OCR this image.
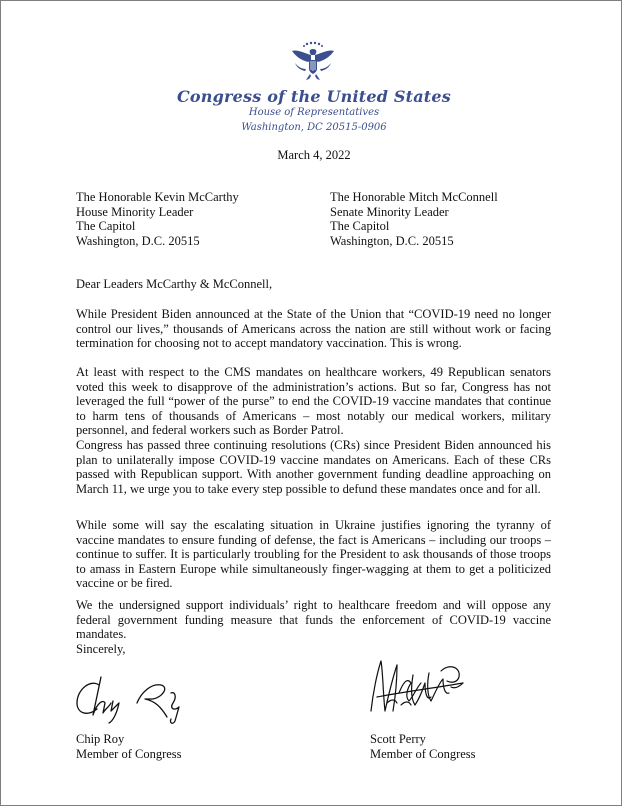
Congress of the United States
House of Representatives
Washington, DC 20515-0906
March 4, 2022
The Honorable Kevin McCarthy
House Minority Leader
The Capitol
Washington, D.C. 20515
The Honorable Mitch McConnell
Senate Minority Leader
The Capitol
Washington, D.C. 20515

Dear Leaders McCarthy & McConnell,

While President Biden announced at the State of the Union that “COVID-19 need no longer control our lives,” thousands of Americans across the nation are still without work or facing termination for choosing not to accept mandatory vaccination. This is wrong.

At least with respect to the CMS mandates on healthcare workers, 49 Republican senators voted this week to disapprove of the administration’s actions. But so far, Congress has not leveraged the full “power of the purse” to end the COVID-19 vaccine mandates that continue to harm tens of thousands of Americans – most notably our medical workers, military personnel, and federal workers such as Border Patrol.

Congress has passed three continuing resolutions (CRs) since President Biden announced his plan to unilaterally impose COVID-19 vaccine mandates on Americans. Each of these CRs passed with Republican support. With another government funding deadline approaching on March 11, we urge you to take every step possible to defund these mandates once and for all.

While some will say the escalating situation in Ukraine justifies ignoring the tyranny of vaccine mandates to ensure funding of defense, the fact is Americans – including our troops – continue to suffer. It is particularly troubling for the President to ask thousands of those troops to amass in Eastern Europe while simultaneously finger-wagging at them to get a politicized vaccine or be fired.

We the undersigned support individuals’ right to healthcare freedom and will oppose any federal government funding measure that funds the enforcement of COVID-19 vaccine mandates.

Sincerely,

Chip Roy
Member of Congress
Scott Perry
Member of Congress
